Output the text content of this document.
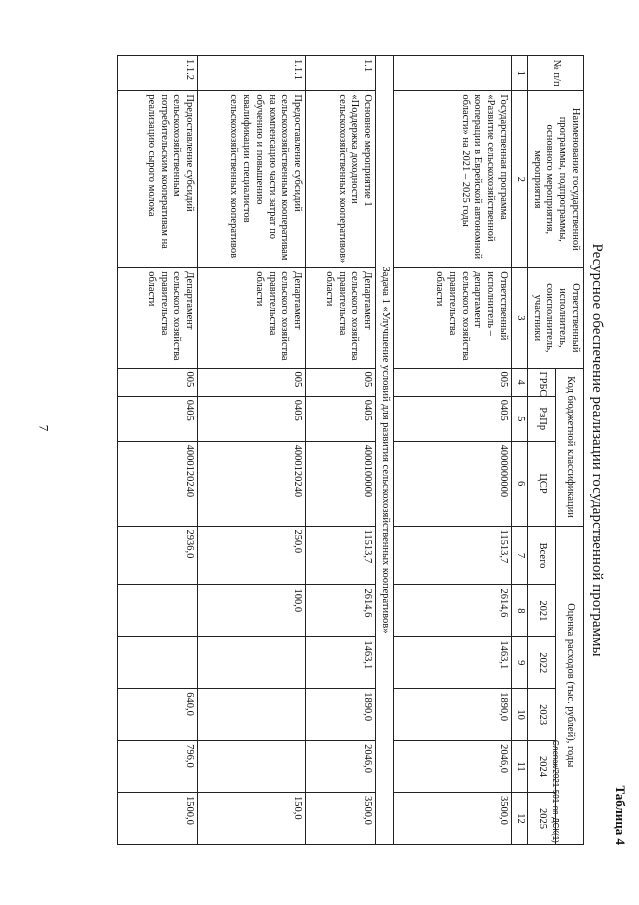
7
Слепак/2021-501-пп-ДСК(1)	Таблица 4
Ресурсное обеспечение реализации государственной программы
№ п/п	Наименование государственной программы, подпрограммы, основного мероприятия, мероприятия	Ответственный исполнитель, соисполнитель, участники	Код бюджетной классификации			Оценка расходов (тыс. рублей), годы					
			ГРБС	РзПр	ЦСР	Всего	2021	2022	2023	2024	2025
1	2	3	4	5	6	7	8	9	10	11	12
	Государственная программа «Развитие сельскохозяйственной кооперации в Еврейской автономной области» на 2021 – 2025 годы	Ответственный исполнитель – департамент сельского хозяйства правительства области	005	0405	4000000000	11513,7	2614,6	1463,1	1890,0	2046,0	3500,0
Задача 1 «Улучшение условий для развития сельскохозяйственных кооперативов»											
1.1	Основное мероприятие 1 «Поддержка доходности сельскохозяйственных кооперативов»	Департамент сельского хозяйства правительства области	005	0405	4000100000	11513,7	2614,6	1463,1	1890,0	2046,0	3500,0
1.1.1	Предоставление субсидий сельскохозяйственным кооперативам на компенсацию части затрат по обучению и повышению квалификации специалистов сельскохозяйственных кооперативов	Департамент сельского хозяйства правительства области	005	0405	4000120240	250,0	100,0				150,0
1.1.2	Предоставление субсидий сельскохозяйственным потребительским кооперативам на реализацию сырого молока	Департамент сельского хозяйства правительства области	005	0405	4000120240	2936,0			640,0	796,0	1500,0
